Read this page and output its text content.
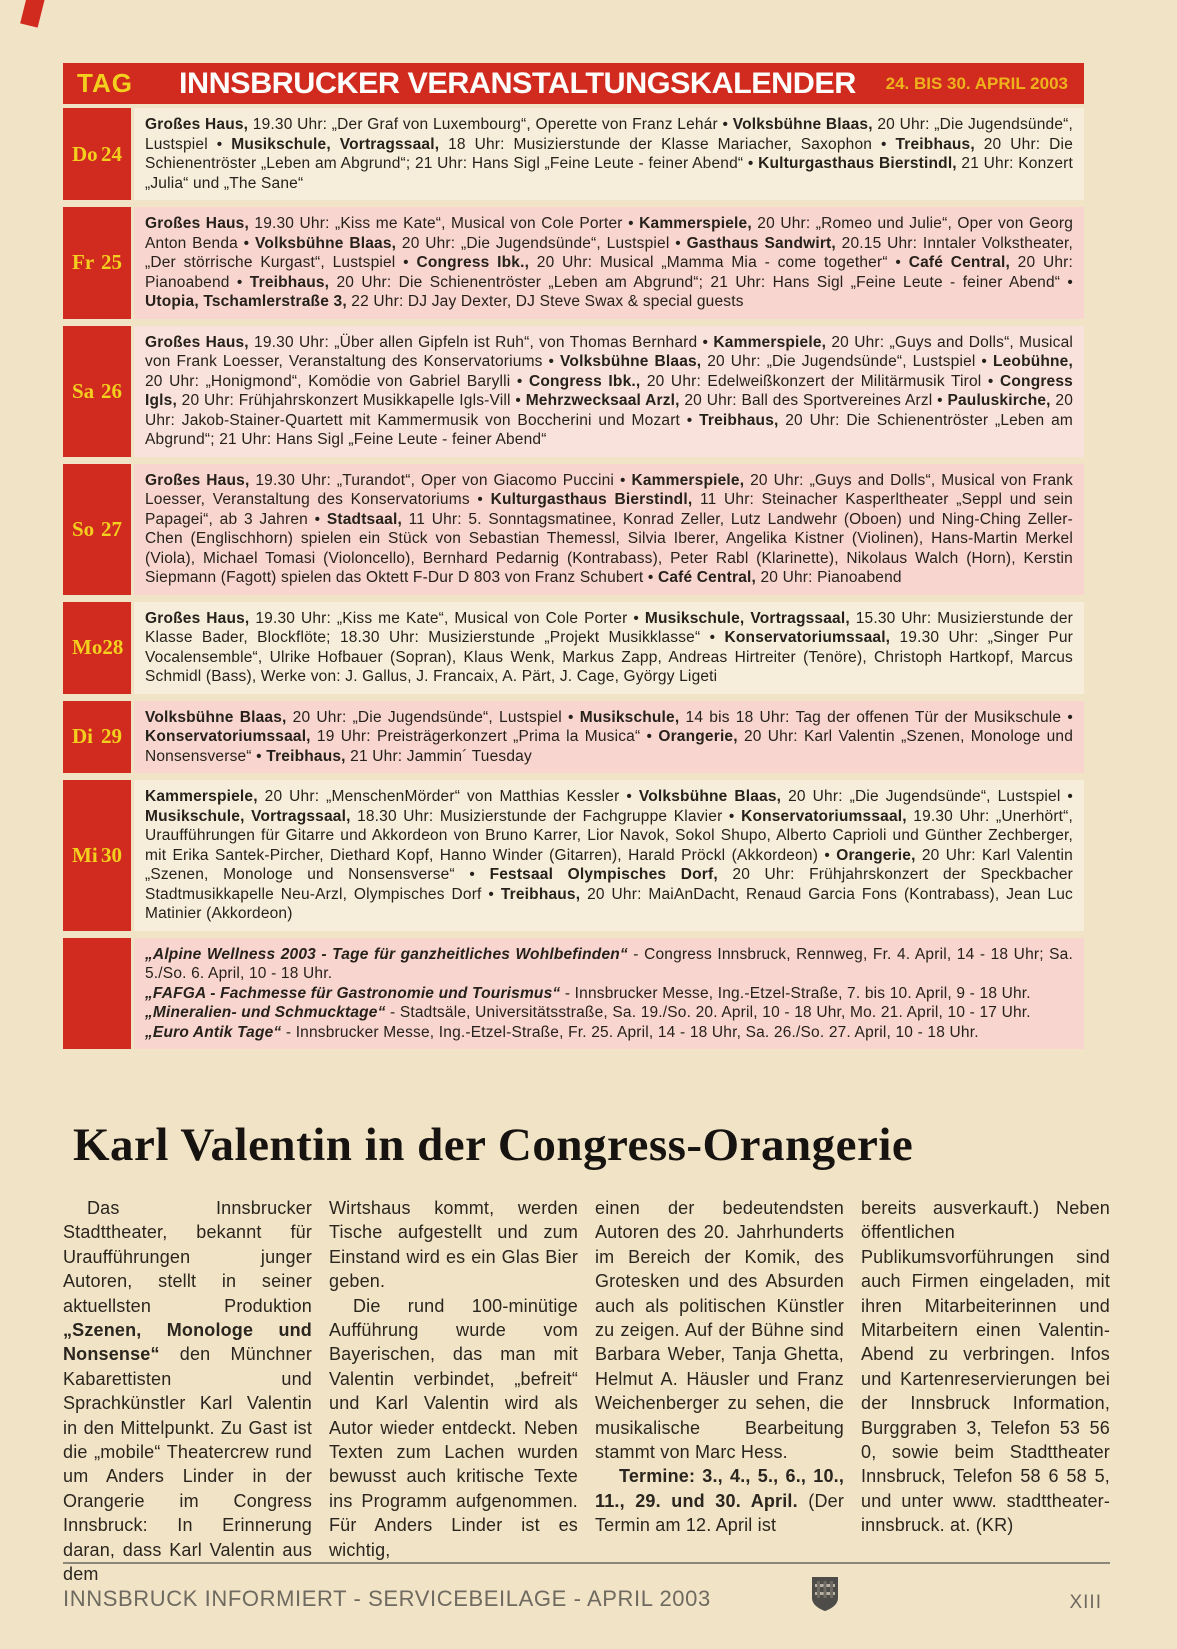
TAG INNSBRUCKER VERANSTALTUNGSKALENDER 24. BIS 30. APRIL 2003
Do 24

Großes Haus, 19.30 Uhr: „Der Graf von Luxembourg“, Operette von Franz Lehár • Volksbühne Blaas, 20 Uhr: „Die Jugendsünde“, Lustspiel • Musikschule, Vortragssaal, 18 Uhr: Musizierstunde der Klasse Mariacher, Saxophon • Treibhaus, 20 Uhr: Die Schienentröster „Leben am Abgrund“; 21 Uhr: Hans Sigl „Feine Leute - feiner Abend“ • Kulturgasthaus Bierstindl, 21 Uhr: Konzert „Julia“ und „The Sane“

Fr 25

Großes Haus, 19.30 Uhr: „Kiss me Kate“, Musical von Cole Porter • Kammerspiele, 20 Uhr: „Romeo und Julie“, Oper von Georg Anton Benda • Volksbühne Blaas, 20 Uhr: „Die Jugendsünde“, Lustspiel • Gasthaus Sandwirt, 20.15 Uhr: Inntaler Volkstheater, „Der störrische Kurgast“, Lustspiel • Congress Ibk., 20 Uhr: Musical „Mamma Mia - come together“ • Café Central, 20 Uhr: Pianoabend • Treibhaus, 20 Uhr: Die Schienentröster „Leben am Abgrund“; 21 Uhr: Hans Sigl „Feine Leute - feiner Abend“ • Utopia, Tschamlerstraße 3, 22 Uhr: DJ Jay Dexter, DJ Steve Swax & special guests

Sa 26

Großes Haus, 19.30 Uhr: „Über allen Gipfeln ist Ruh“, von Thomas Bernhard • Kammerspiele, 20 Uhr: „Guys and Dolls“, Musical von Frank Loesser, Veranstaltung des Konservatoriums • Volksbühne Blaas, 20 Uhr: „Die Jugendsünde“, Lustspiel • Leobühne, 20 Uhr: „Honigmond“, Komödie von Gabriel Barylli • Congress Ibk., 20 Uhr: Edelweißkonzert der Militärmusik Tirol • Congress Igls, 20 Uhr: Frühjahrskonzert Musikkapelle Igls-Vill • Mehrzwecksaal Arzl, 20 Uhr: Ball des Sportvereines Arzl • Pauluskirche, 20 Uhr: Jakob-Stainer-Quartett mit Kammermusik von Boccherini und Mozart • Treibhaus, 20 Uhr: Die Schienentröster „Leben am Abgrund“; 21 Uhr: Hans Sigl „Feine Leute - feiner Abend“

So 27

Großes Haus, 19.30 Uhr: „Turandot“, Oper von Giacomo Puccini • Kammerspiele, 20 Uhr: „Guys and Dolls“, Musical von Frank Loesser, Veranstaltung des Konservatoriums • Kulturgasthaus Bierstindl, 11 Uhr: Steinacher Kasperltheater „Seppl und sein Papagei“, ab 3 Jahren • Stadtsaal, 11 Uhr: 5. Sonntagsmatinee, Konrad Zeller, Lutz Landwehr (Oboen) und Ning-Ching Zeller-Chen (Englischhorn) spielen ein Stück von Sebastian Themessl, Silvia Iberer, Angelika Kistner (Violinen), Hans-Martin Merkel (Viola), Michael Tomasi (Violoncello), Bernhard Pedarnig (Kontrabass), Peter Rabl (Klarinette), Nikolaus Walch (Horn), Kerstin Siepmann (Fagott) spielen das Oktett F-Dur D 803 von Franz Schubert • Café Central, 20 Uhr: Pianoabend

Mo 28

Großes Haus, 19.30 Uhr: „Kiss me Kate“, Musical von Cole Porter • Musikschule, Vortragssaal, 15.30 Uhr: Musizierstunde der Klasse Bader, Blockflöte; 18.30 Uhr: Musizierstunde „Projekt Musikklasse“ • Konservatoriumssaal, 19.30 Uhr: „Singer Pur Vocalensemble“, Ulrike Hofbauer (Sopran), Klaus Wenk, Markus Zapp, Andreas Hirtreiter (Tenöre), Christoph Hartkopf, Marcus Schmidl (Bass), Werke von: J. Gallus, J. Francaix, A. Pärt, J. Cage, György Ligeti

Di 29

Volksbühne Blaas, 20 Uhr: „Die Jugendsünde“, Lustspiel • Musikschule, 14 bis 18 Uhr: Tag der offenen Tür der Musikschule • Konservatoriumssaal, 19 Uhr: Preisträgerkonzert „Prima la Musica“ • Orangerie, 20 Uhr: Karl Valentin „Szenen, Monologe und Nonsensverse“ • Treibhaus, 21 Uhr: Jammin´ Tuesday

Mi 30

Kammerspiele, 20 Uhr: „MenschenMörder“ von Matthias Kessler • Volksbühne Blaas, 20 Uhr: „Die Jugendsünde“, Lustspiel • Musikschule, Vortragssaal, 18.30 Uhr: Musizierstunde der Fachgruppe Klavier • Konservatoriumssaal, 19.30 Uhr: „Unerhört“, Uraufführungen für Gitarre und Akkordeon von Bruno Karrer, Lior Navok, Sokol Shupo, Alberto Caprioli und Günther Zechberger, mit Erika Santek-Pircher, Diethard Kopf, Hanno Winder (Gitarren), Harald Pröckl (Akkordeon) • Orangerie, 20 Uhr: Karl Valentin „Szenen, Monologe und Nonsensverse“ • Festsaal Olympisches Dorf, 20 Uhr: Frühjahrskonzert der Speckbacher Stadtmusikkapelle Neu-Arzl, Olympisches Dorf • Treibhaus, 20 Uhr: MaiAnDacht, Renaud Garcia Fons (Kontrabass), Jean Luc Matinier (Akkordeon)

„Alpine Wellness 2003 - Tage für ganzheitliches Wohlbefinden“ - Congress Innsbruck, Rennweg, Fr. 4. April, 14 - 18 Uhr; Sa. 5./So. 6. April, 10 - 18 Uhr.

„FAFGA - Fachmesse für Gastronomie und Tourismus“ - Innsbrucker Messe, Ing.-Etzel-Straße, 7. bis 10. April, 9 - 18 Uhr.

„Mineralien- und Schmucktage“ - Stadtsäle, Universitätsstraße, Sa. 19./So. 20. April, 10 - 18 Uhr, Mo. 21. April, 10 - 17 Uhr.

„Euro Antik Tage“ - Innsbrucker Messe, Ing.-Etzel-Straße, Fr. 25. April, 14 - 18 Uhr, Sa. 26./So. 27. April, 10 - 18 Uhr.

Karl Valentin in der Congress-Orangerie

Das Innsbrucker Stadttheater, bekannt für Uraufführungen junger Autoren, stellt in seiner aktuellsten Produktion „Szenen, Monologe und Nonsense“ den Münchner Kabarettisten und Sprachkünstler Karl Valentin in den Mittelpunkt. Zu Gast ist die „mobile“ Theatercrew rund um Anders Linder in der Orangerie im Congress Innsbruck: In Erinnerung daran, dass Karl Valentin aus dem

Wirtshaus kommt, werden Tische aufgestellt und zum Einstand wird es ein Glas Bier geben.

Die rund 100-minütige Aufführung wurde vom Bayerischen, das man mit Valentin verbindet, „befreit“ und Karl Valentin wird als Autor wieder entdeckt. Neben Texten zum Lachen wurden bewusst auch kritische Texte ins Programm aufgenommen. Für Anders Linder ist es wichtig,

einen der bedeutendsten Autoren des 20. Jahrhunderts im Bereich der Komik, des Grotesken und des Absurden auch als politischen Künstler zu zeigen. Auf der Bühne sind Barbara Weber, Tanja Ghetta, Helmut A. Häusler und Franz Weichenberger zu sehen, die musikalische Bearbeitung stammt von Marc Hess.

Termine: 3., 4., 5., 6., 10., 11., 29. und 30. April. (Der Termin am 12. April ist

bereits ausverkauft.) Neben öffentlichen Publikumsvorführungen sind auch Firmen eingeladen, mit ihren Mitarbeiterinnen und Mitarbeitern einen Valentin-Abend zu verbringen. Infos und Kartenreservierungen bei der Innsbruck Information, Burggraben 3, Telefon 53 56 0, sowie beim Stadttheater Innsbruck, Telefon 58 6 58 5, und unter www. stadttheater-innsbruck. at. (KR)

INNSBRUCK INFORMIERT - SERVICEBEILAGE - APRIL 2003	XIII
